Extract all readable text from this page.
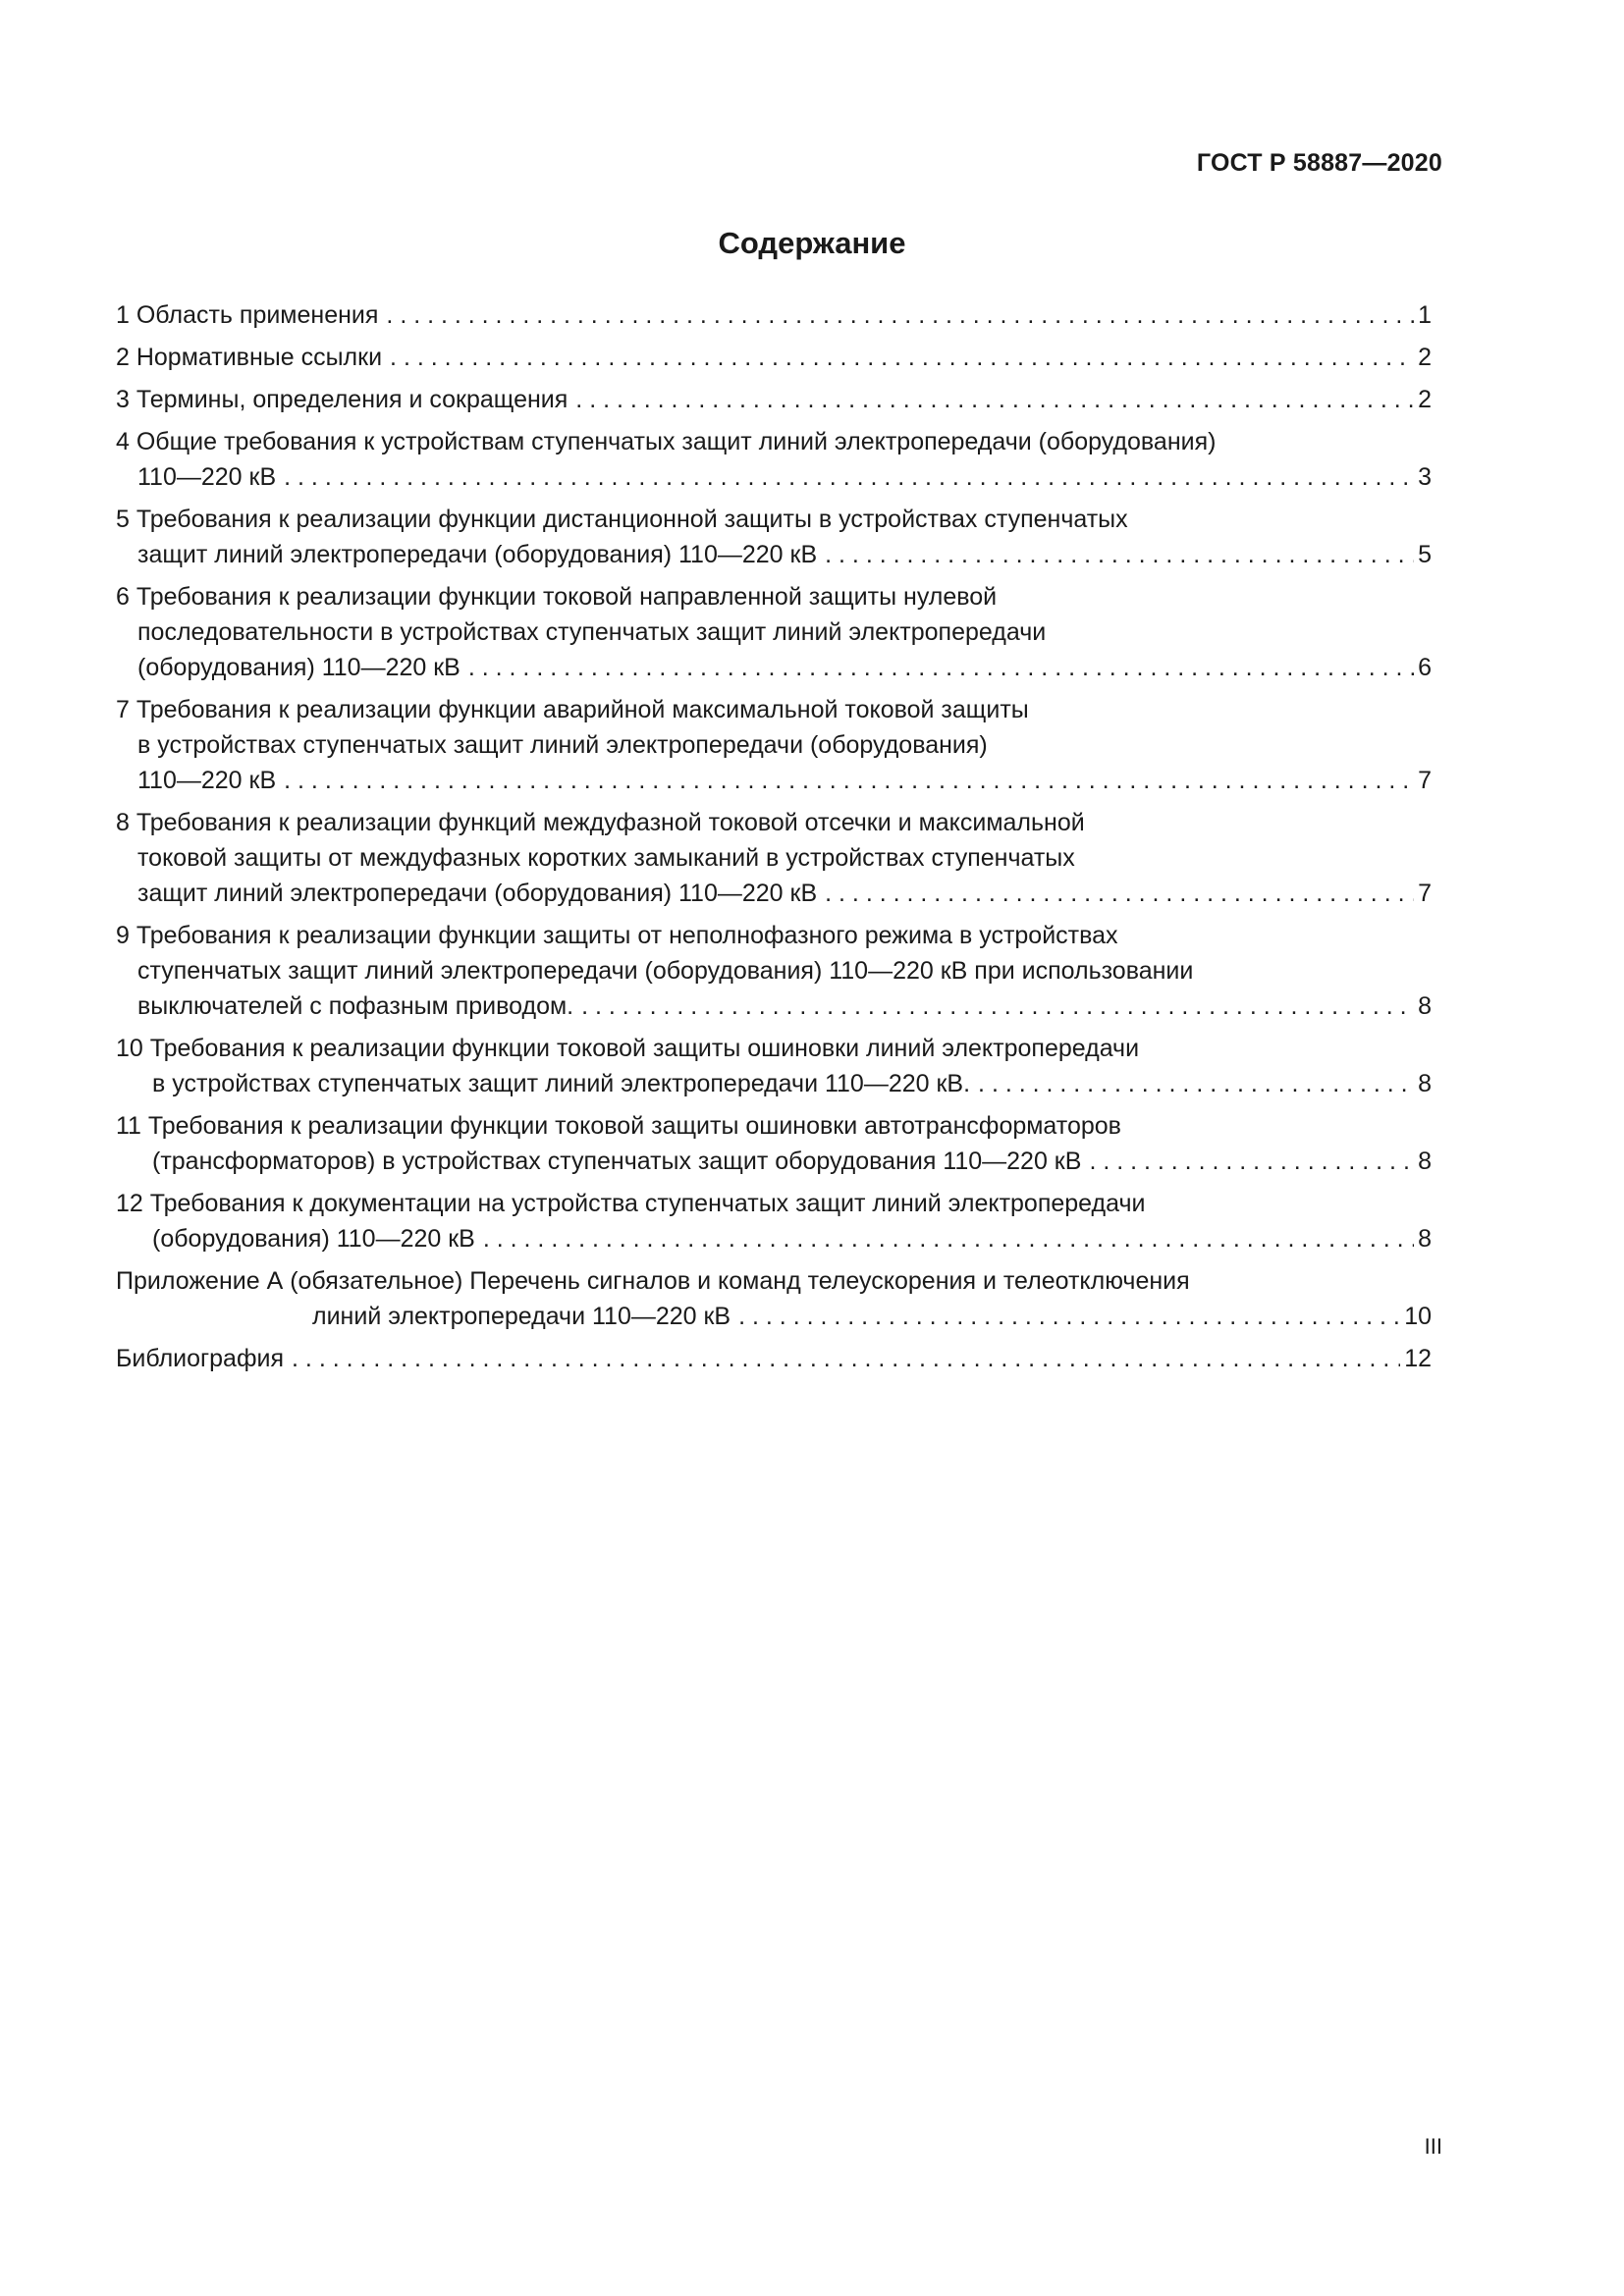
ГОСТ Р 58887—2020
Содержание
1 Область применения . . .	1
2 Нормативные ссылки . . .	2
3 Термины, определения и сокращения . . .	2
4 Общие требования к устройствам ступенчатых защит линий электропередачи (оборудования)
110—220 кВ . . .	3
5 Требования к реализации функции дистанционной защиты в устройствах ступенчатых
защит линий электропередачи (оборудования) 110—220 кВ . . .	5
6 Требования к реализации функции токовой направленной защиты нулевой
последовательности в устройствах ступенчатых защит линий электропередачи
(оборудования) 110—220 кВ . . .	6
7 Требования к реализации функции аварийной максимальной токовой защиты
в устройствах ступенчатых защит линий электропередачи (оборудования)
110—220 кВ . . .	7
8 Требования к реализации функций междуфазной токовой отсечки и максимальной
токовой защиты от междуфазных коротких замыканий в устройствах ступенчатых
защит линий электропередачи (оборудования) 110—220 кВ . . .	7
9 Требования к реализации функции защиты от неполнофазного режима в устройствах
ступенчатых защит линий электропередачи (оборудования) 110—220 кВ при использовании
выключателей с пофазным приводом. . . .	8
10 Требования к реализации функции токовой защиты ошиновки линий электропередачи
в устройствах ступенчатых защит линий электропередачи 110—220 кВ. . . .	8
11 Требования к реализации функции токовой защиты ошиновки автотрансформаторов
(трансформаторов) в устройствах ступенчатых защит оборудования 110—220 кВ . . .	8
12 Требования к документации на устройства ступенчатых защит линий электропередачи
(оборудования) 110—220 кВ . . .	8
Приложение А (обязательное) Перечень сигналов и команд телеускорения и телеотключения
линий электропередачи 110—220 кВ . . .	10
Библиография . . .	12
III
